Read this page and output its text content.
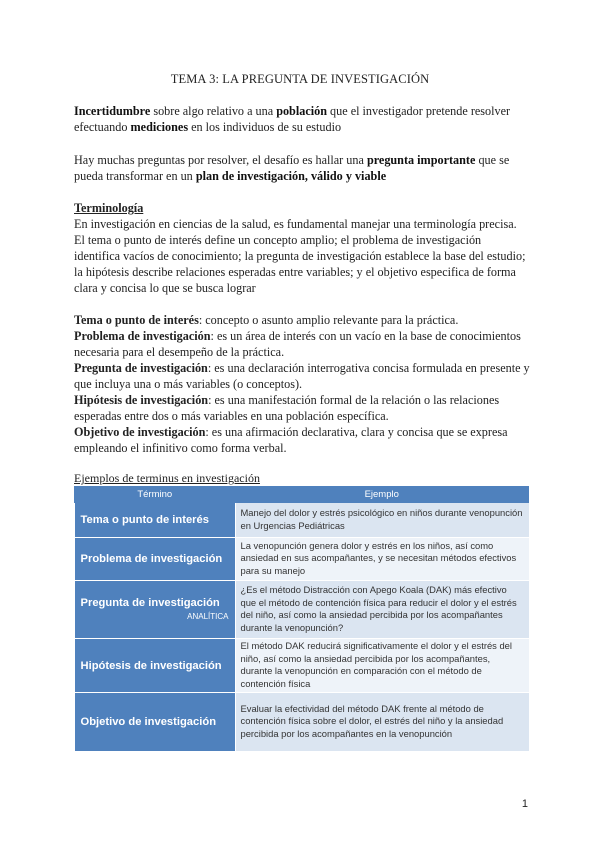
TEMA 3: LA PREGUNTA DE INVESTIGACIÓN
Incertidumbre sobre algo relativo a una población que el investigador pretende resolver efectuando mediciones en los individuos de su estudio
Hay muchas preguntas por resolver, el desafío es hallar una pregunta importante que se pueda transformar en un plan de investigación, válido y viable
Terminología
En investigación en ciencias de la salud, es fundamental manejar una terminología precisa. El tema o punto de interés define un concepto amplio; el problema de investigación identifica vacíos de conocimiento; la pregunta de investigación establece la base del estudio; la hipótesis describe relaciones esperadas entre variables; y el objetivo especifica de forma clara y concisa lo que se busca lograr

Tema o punto de interés: concepto o asunto amplio relevante para la práctica.

Problema de investigación: es un área de interés con un vacío en la base de conocimientos necesaria para el desempeño de la práctica.

Pregunta de investigación: es una declaración interrogativa concisa formulada en presente y que incluya una o más variables (o conceptos).

Hipótesis de investigación: es una manifestación formal de la relación o las relaciones esperadas entre dos o más variables en una población específica.

Objetivo de investigación: es una afirmación declarativa, clara y concisa que se expresa empleando el infinitivo como forma verbal.

Ejemplos de terminus en investigación
Término	Ejemplo
Tema o punto de interés	Manejo del dolor y estrés psicológico en niños durante venopunción en Urgencias Pediátricas
Problema de investigación	La venopunción genera dolor y estrés en los niños, así como ansiedad en sus acompañantes, y se necesitan métodos efectivos para su manejo
Pregunta de investigación
ANALÍTICA	¿Es el método Distracción con Apego Koala (DAK) más efectivo que el método de contención física para reducir el dolor y el estrés del niño, así como la ansiedad percibida por los acompañantes durante la venopunción?
Hipótesis de investigación	El método DAK reducirá significativamente el dolor y el estrés del niño, así como la ansiedad percibida por los acompañantes, durante la venopunción en comparación con el método de contención física
Objetivo de investigación	Evaluar la efectividad del método DAK frente al método de contención física sobre el dolor, el estrés del niño y la ansiedad percibida por los acompañantes en la venopunción
1
